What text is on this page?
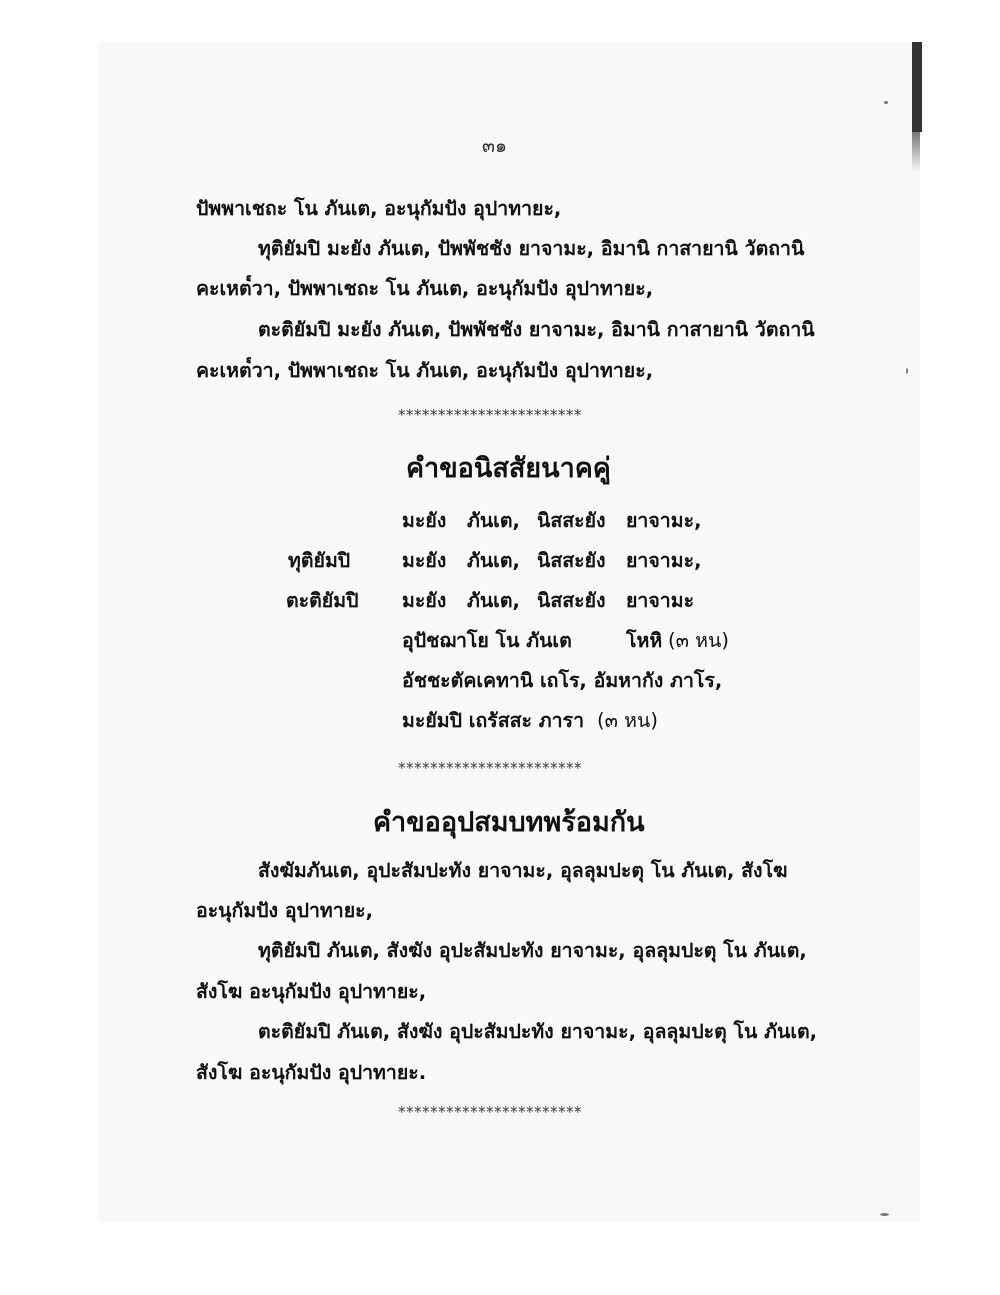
๓๑
ปัพพาเชถะ โน ภันเต, อะนุกัมปัง อุปาทายะ,
ทุติยัมปิ มะยัง ภันเต, ปัพพัชชัง ยาจามะ, อิมานิ กาสายานิ วัตถานิ
คะเหต๎วา, ปัพพาเชถะ โน ภันเต, อะนุกัมปัง อุปาทายะ,
ตะติยัมปิ มะยัง ภันเต, ปัพพัชชัง ยาจามะ, อิมานิ กาสายานิ วัตถานิ
คะเหต๎วา, ปัพพาเชถะ โน ภันเต, อะนุกัมปัง อุปาทายะ,
***********************
คำขอนิสสัยนาคคู่
มะยัง ภันเต, นิสสะยัง ยาจามะ,
ทุติยัมปิ	มะยัง ภันเต, นิสสะยัง ยาจามะ,
ตะติยัมปิ มะยัง ภันเต, นิสสะยัง ยาจามะ
อุปัชฌาโย โน ภันเต	โหหิ (๓ หน)
อัชชะตัคเคทานิ เถโร, อัมหากัง ภาโร,
มะยัมปิ เถรัสสะ ภารา (๓ หน)
***********************
คำขออุปสมบทพร้อมกัน
สังฆัมภันเต, อุปะสัมปะทัง ยาจามะ, อุลลุมปะตุ โน ภันเต, สังโฆ
อะนุกัมปัง อุปาทายะ,
ทุติยัมปิ ภันเต, สังฆัง อุปะสัมปะทัง ยาจามะ, อุลลุมปะตุ โน ภันเต,
สังโฆ อะนุกัมปัง อุปาทายะ,
ตะติยัมปิ ภันเต, สังฆัง อุปะสัมปะทัง ยาจามะ, อุลลุมปะตุ โน ภันเต,
สังโฆ อะนุกัมปัง อุปาทายะ.
***********************
